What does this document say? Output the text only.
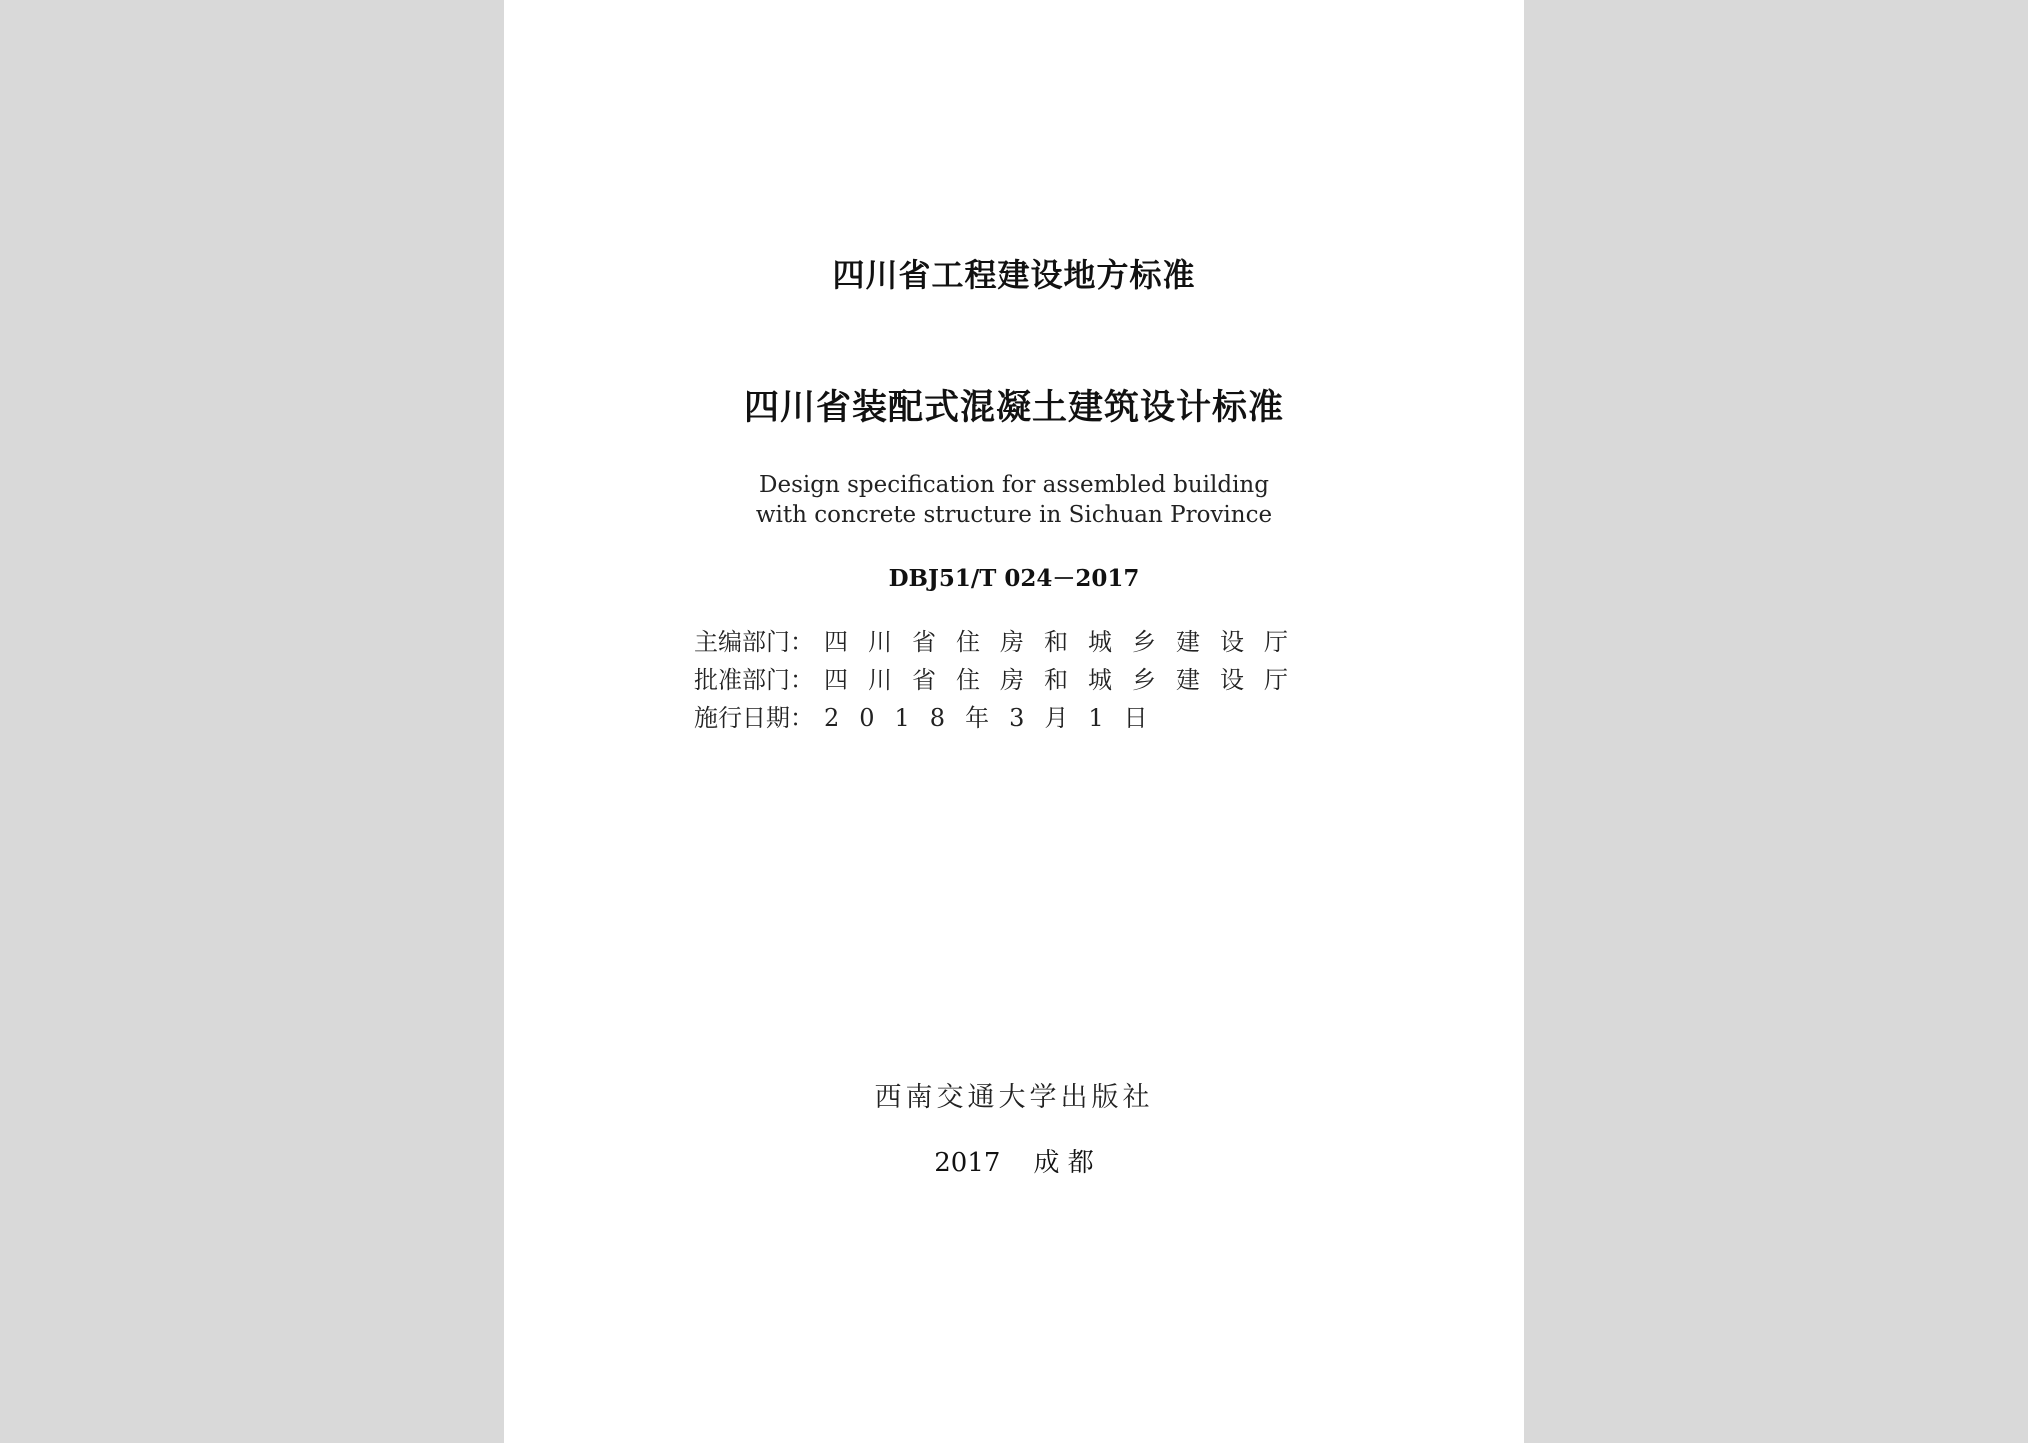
四川省工程建设地方标准
四川省装配式混凝土建筑设计标准
Design specification for assembled building
with concrete structure in Sichuan Province
DBJ51/T 024－2017
主编部门： 四川省住房和城乡建设厅
批准部门： 四川省住房和城乡建设厅
施行日期： 2018年3月1日
西南交通大学出版社
2017 成 都
